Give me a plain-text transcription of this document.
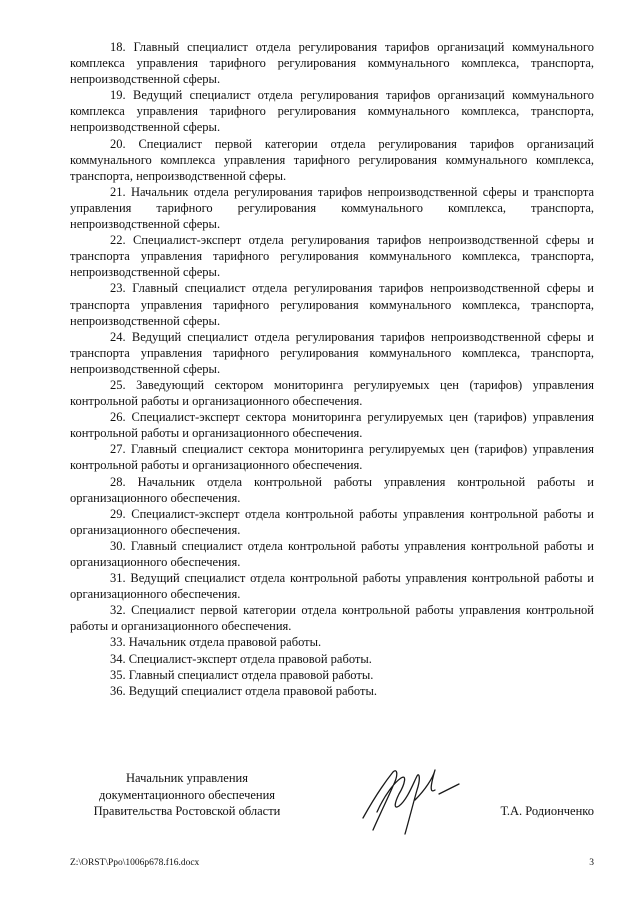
18. Главный специалист отдела регулирования тарифов организаций коммунального комплекса управления тарифного регулирования коммунального комплекса, транспорта, непроизводственной сферы.

19. Ведущий специалист отдела регулирования тарифов организаций коммунального комплекса управления тарифного регулирования коммунального комплекса, транспорта, непроизводственной сферы.

20. Специалист первой категории отдела регулирования тарифов организаций коммунального комплекса управления тарифного регулирования коммунального комплекса, транспорта, непроизводственной сферы.

21. Начальник отдела регулирования тарифов непроизводственной сферы и транспорта управления тарифного регулирования коммунального комплекса, транспорта, непроизводственной сферы.

22. Специалист-эксперт отдела регулирования тарифов непроизводственной сферы и транспорта управления тарифного регулирования коммунального комплекса, транспорта, непроизводственной сферы.

23. Главный специалист отдела регулирования тарифов непроизводственной сферы и транспорта управления тарифного регулирования коммунального комплекса, транспорта, непроизводственной сферы.

24. Ведущий специалист отдела регулирования тарифов непроизводственной сферы и транспорта управления тарифного регулирования коммунального комплекса, транспорта, непроизводственной сферы.

25. Заведующий сектором мониторинга регулируемых цен (тарифов) управления контрольной работы и организационного обеспечения.

26. Специалист-эксперт сектора мониторинга регулируемых цен (тарифов) управления контрольной работы и организационного обеспечения.

27. Главный специалист сектора мониторинга регулируемых цен (тарифов) управления контрольной работы и организационного обеспечения.

28. Начальник отдела контрольной работы управления контрольной работы и организационного обеспечения.

29. Специалист-эксперт отдела контрольной работы управления контрольной работы и организационного обеспечения.

30. Главный специалист отдела контрольной работы управления контрольной работы и организационного обеспечения.

31. Ведущий специалист отдела контрольной работы управления контрольной работы и организационного обеспечения.

32. Специалист первой категории отдела контрольной работы управления контрольной работы и организационного обеспечения.

33. Начальник отдела правовой работы.

34. Специалист-эксперт отдела правовой работы.

35. Главный специалист отдела правовой работы.

36. Ведущий специалист отдела правовой работы.

Начальник управления
документационного обеспечения
Правительства Ростовской области	Т.А. Родионченко
Z:\ORST\Ppo\1006p678.f16.docx	3
